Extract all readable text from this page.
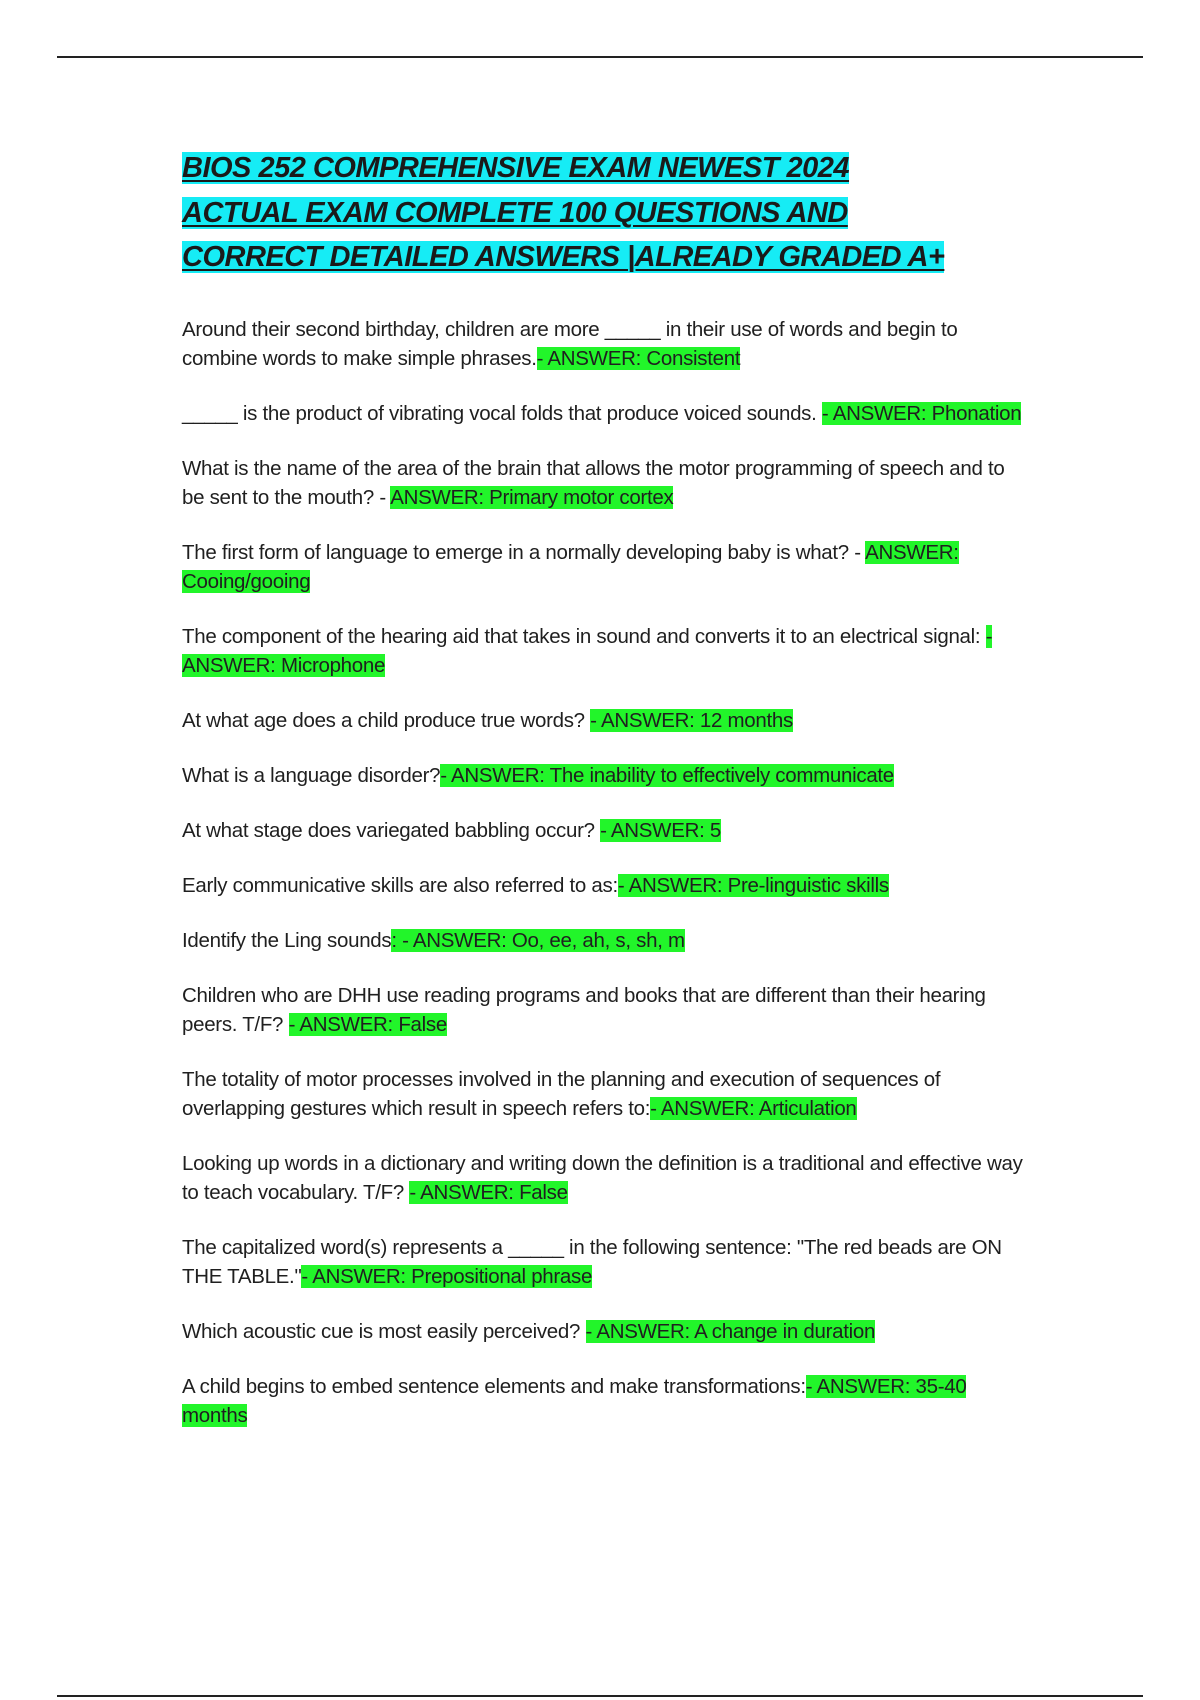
BIOS 252 COMPREHENSIVE EXAM NEWEST 2024
ACTUAL EXAM COMPLETE 100 QUESTIONS AND
CORRECT DETAILED ANSWERS |ALREADY GRADED A+

Around their second birthday, children are more _____ in their use of words and begin to combine words to make simple phrases.- ANSWER: Consistent

_____ is the product of vibrating vocal folds that produce voiced sounds. - ANSWER: Phonation

What is the name of the area of the brain that allows the motor programming of speech and to be sent to the mouth? - ANSWER: Primary motor cortex

The first form of language to emerge in a normally developing baby is what? - ANSWER: Cooing/gooing

The component of the hearing aid that takes in sound and converts it to an electrical signal: - ANSWER: Microphone

At what age does a child produce true words? - ANSWER: 12 months

What is a language disorder?- ANSWER: The inability to effectively communicate

At what stage does variegated babbling occur? - ANSWER: 5

Early communicative skills are also referred to as:- ANSWER: Pre-linguistic skills

Identify the Ling sounds: - ANSWER: Oo, ee, ah, s, sh, m

Children who are DHH use reading programs and books that are different than their hearing peers. T/F? - ANSWER: False

The totality of motor processes involved in the planning and execution of sequences of overlapping gestures which result in speech refers to:- ANSWER: Articulation

Looking up words in a dictionary and writing down the definition is a traditional and effective way to teach vocabulary. T/F? - ANSWER: False

The capitalized word(s) represents a _____ in the following sentence: "The red beads are ON THE TABLE."- ANSWER: Prepositional phrase

Which acoustic cue is most easily perceived? - ANSWER: A change in duration

A child begins to embed sentence elements and make transformations:- ANSWER: 35-40 months
